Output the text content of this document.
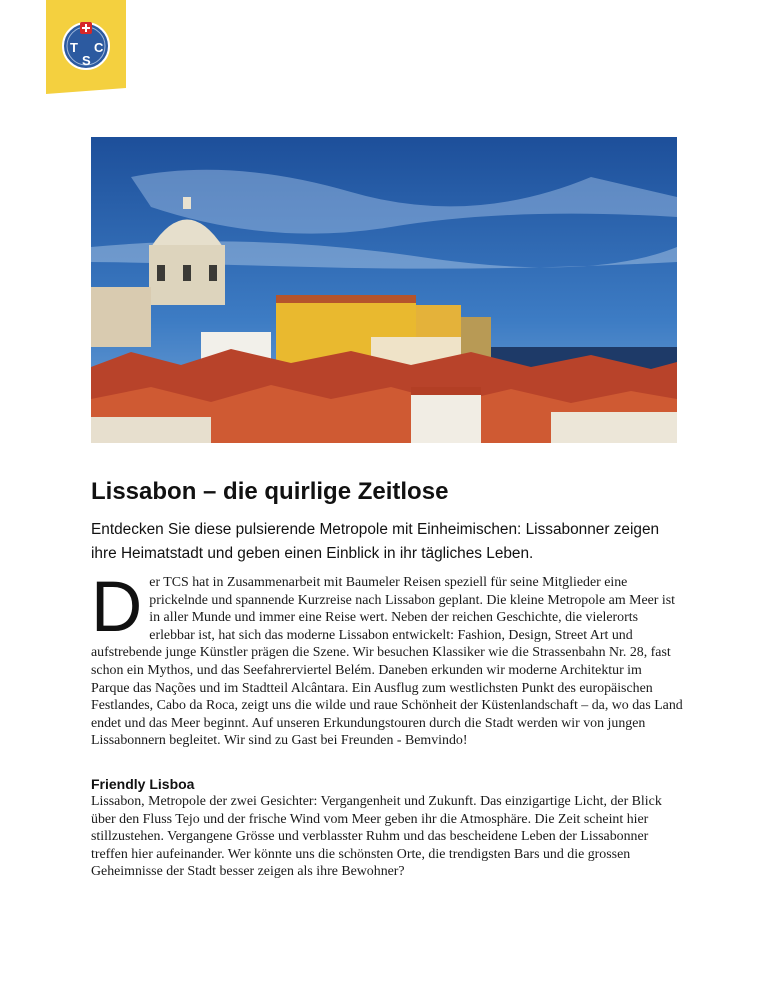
T C
S
Lissabon – die quirlige Zeitlose

Entdecken Sie diese pulsierende Metropole mit Einheimischen: Lissabonner zeigen ihre Heimatstadt und geben einen Einblick in ihr tägliches Leben.

Der TCS hat in Zusammenarbeit mit Baumeler Reisen speziell für seine Mitglieder eine prickelnde und spannende Kurzreise nach Lissabon geplant. Die kleine Metropole am Meer ist in aller Munde und immer eine Reise wert. Neben der reichen Geschichte, die vielerorts erlebbar ist, hat sich das moderne Lissabon entwickelt: Fashion, Design, Street Art und aufstrebende junge Künstler prägen die Szene. Wir besuchen Klassiker wie die Strassenbahn Nr. 28, fast schon ein Mythos, und das Seefahrerviertel Belém. Daneben erkunden wir moderne Architektur im Parque das Nações und im Stadtteil Alcântara. Ein Ausflug zum westlichsten Punkt des europäischen Festlandes, Cabo da Roca, zeigt uns die wilde und raue Schönheit der Küstenlandschaft – da, wo das Land endet und das Meer beginnt. Auf unseren Erkundungstouren durch die Stadt werden wir von jungen Lissabonnern begleitet. Wir sind zu Gast bei Freunden - Bemvindo!

Friendly Lisboa

Lissabon, Metropole der zwei Gesichter: Vergangenheit und Zukunft. Das einzigartige Licht, der Blick über den Fluss Tejo und der frische Wind vom Meer geben ihr die Atmosphäre. Die Zeit scheint hier stillzustehen. Vergangene Grösse und verblasster Ruhm und das bescheidene Leben der Lissabonner treffen hier aufeinander. Wer könnte uns die schönsten Orte, die trendigsten Bars und die grossen Geheimnisse der Stadt besser zeigen als ihre Bewohner?
